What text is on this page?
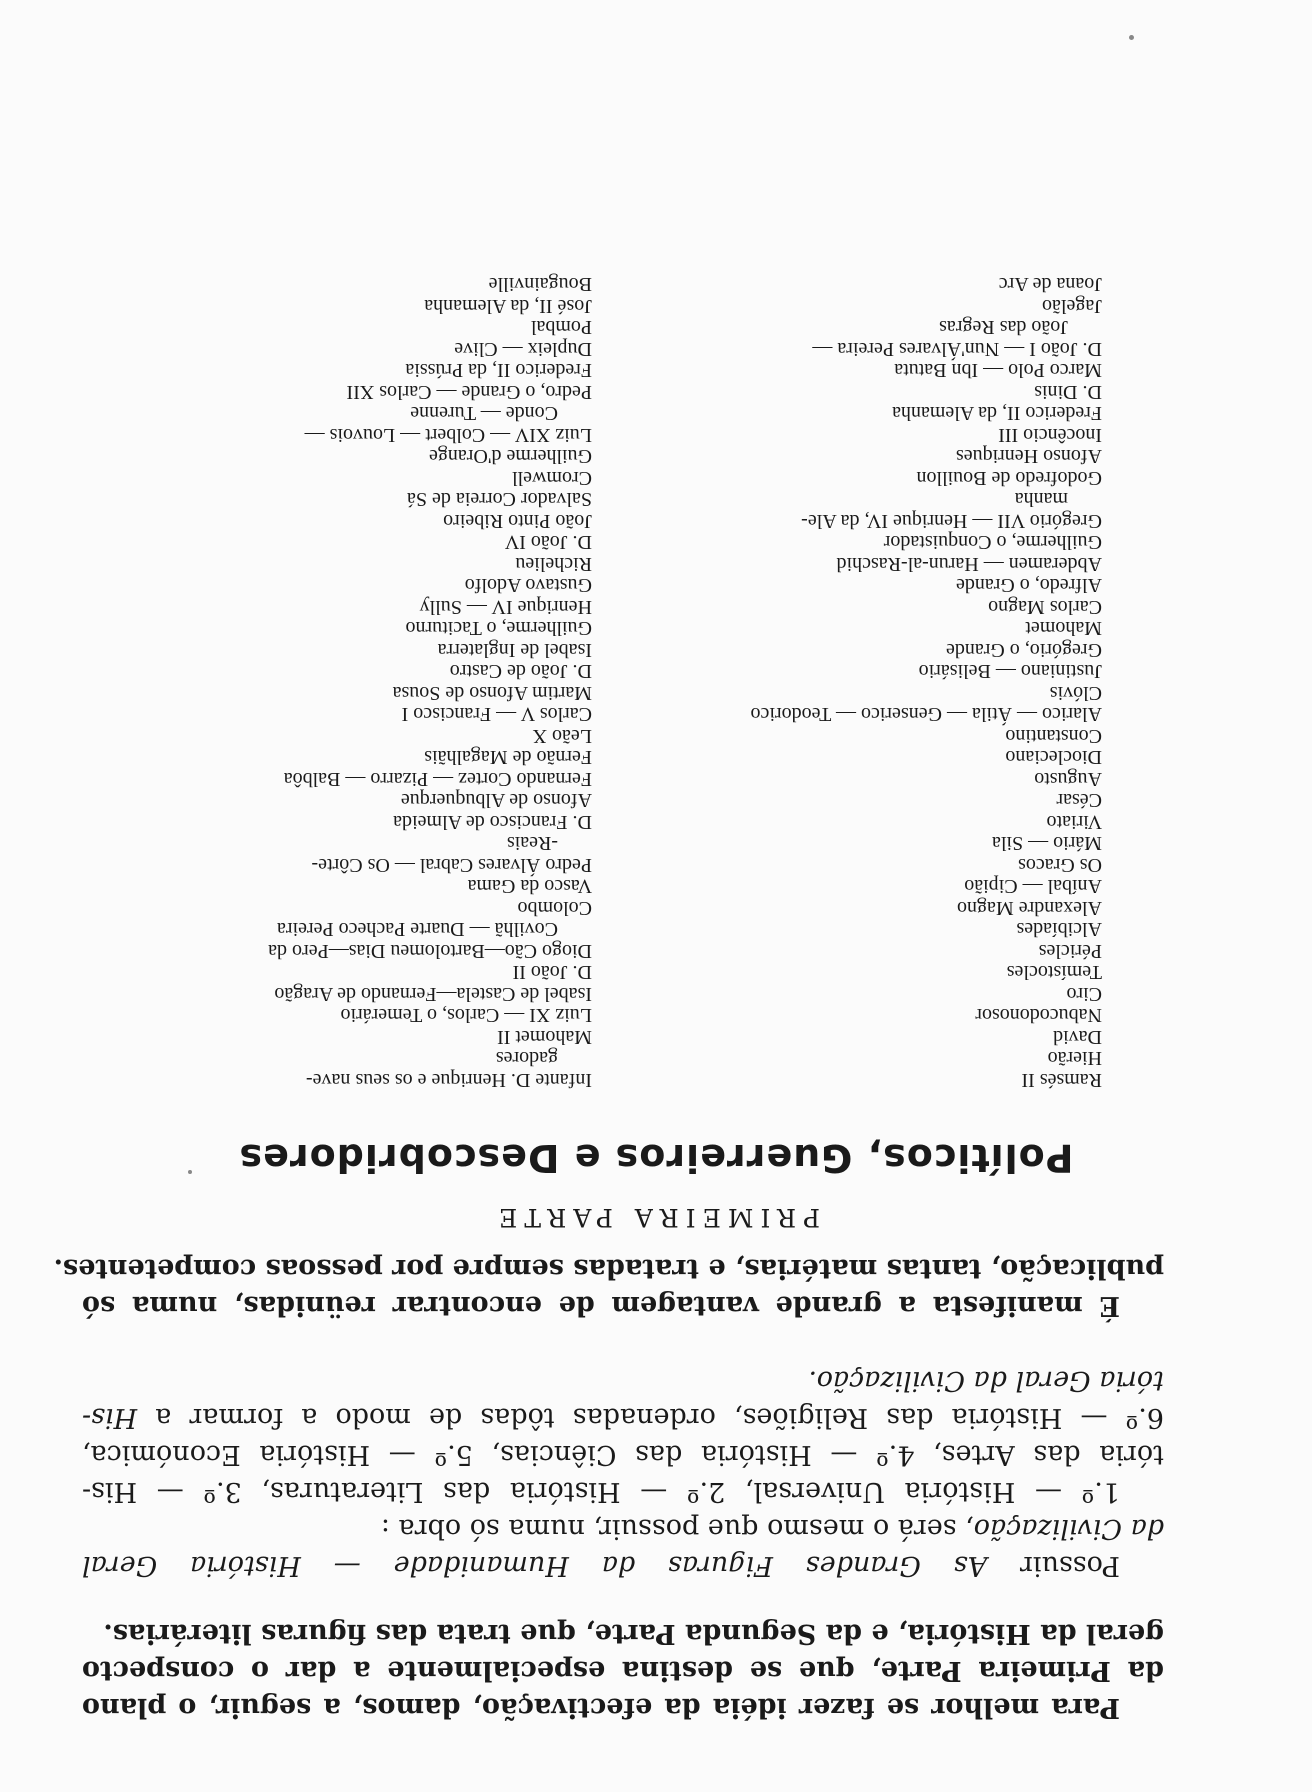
Para melhor se fazer idéia da efectivação, damos, a seguir, o plano
da Primeira Parte, que se destina especialmente a dar o conspecto
geral da História, e da Segunda Parte, que trata das figuras literárias.
Possuir As Grandes Figuras da Humanidade — História Geral
da Civilização, será o mesmo que possuir, numa só obra :
1.º — História Universal, 2.º — História das Literaturas, 3.º — His-
tória das Artes, 4.º — História das Ciências, 5.º — História Económica,
6.º — História das Religiões, ordenadas tôdas de modo a formar a His-
tória Geral da Civilização.
É manifesta a grande vantagem de encontrar reünidas, numa só
publicação, tantas matérias, e tratadas sempre por pessoas competentes.
PRIMEIRA PARTE
Políticos, Guerreiros e Descobridores
Ramsés II
Hierão
David
Nabucodonosor
Ciro
Temístocles
Péricles
Alcibíades
Alexandre Magno
Aníbal — Cipião
Os Gracos
Mário — Sila
Viriato
César
Augusto
Diocleciano
Constantino
Alarico — Átila — Genserico — Teodorico
Clóvis
Justiniano — Belisário
Gregório, o Grande
Mahomet
Carlos Magno
Alfredo, o Grande
Abderamen — Harun-al-Raschid
Guilherme, o Conquistador
Gregório VII — Henrique IV, da Ale-
manha
Godofredo de Bouillon
Afonso Henriques
Inocêncio III
Frederico II, da Alemanha
D. Dinis
Marco Polo — Ibn Batuta
D. João I — Nun'Álvares Pereira —
João das Regras
Jagelão
Joana de Arc
Infante D. Henrique e os seus nave-
gadores
Mahomet II
Luiz XI — Carlos, o Temerário
Isabel de Castela—Fernando de Aragão
D. João II
Diogo Cão—Bartolomeu Dias—Pero da
Covilhã — Duarte Pacheco Pereira
Colombo
Vasco da Gama
Pedro Álvares Cabral — Os Côrte-
-Reais
D. Francisco de Almeida
Afonso de Albuquerque
Fernando Cortez — Pizarro — Balbôa
Fernão de Magalhãis
Leão X
Carlos V — Francisco I
Martim Afonso de Sousa
D. João de Castro
Isabel de Inglaterra
Guilherme, o Taciturno
Henrique IV — Sully
Gustavo Adolfo
Richelieu
D. João IV
João Pinto Ribeiro
Salvador Correia de Sá
Cromwell
Guilherme d'Orange
Luiz XIV — Colbert — Louvois —
Conde — Turenne
Pedro, o Grande — Carlos XII
Frederico II, da Prússia
Dupleix — Clive
Pombal
José II, da Alemanha
Bougainville
